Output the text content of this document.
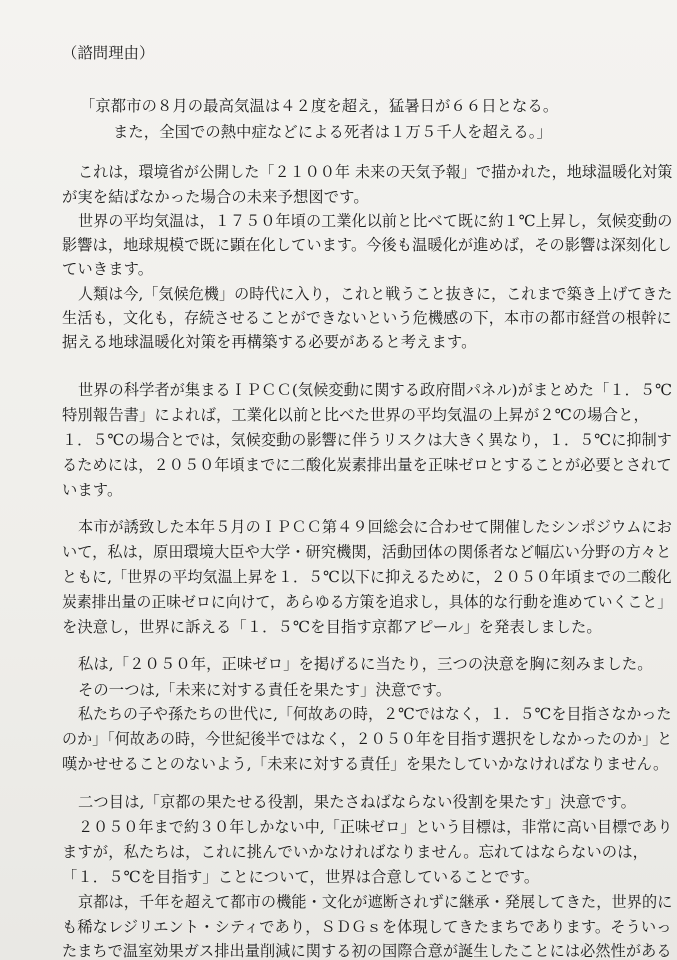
（諮問理由）
「京都市の８月の最高気温は４２度を超え，猛暑日が６６日となる。
また，全国での熱中症などによる死者は１万５千人を超える。」
これは，環境省が公開した「２１００年 未来の天気予報」で描かれた，地球温暖化対策
が実を結ばなかった場合の未来予想図です。
世界の平均気温は，１７５０年頃の工業化以前と比べて既に約１℃上昇し，気候変動の
影響は，地球規模で既に顕在化しています。今後も温暖化が進めば，その影響は深刻化し
ていきます。
人類は今,「気候危機」の時代に入り，これと戦うこと抜きに，これまで築き上げてきた
生活も，文化も，存続させることができないという危機感の下，本市の都市経営の根幹に
据える地球温暖化対策を再構築する必要があると考えます。
世界の科学者が集まるＩＰＣＣ(気候変動に関する政府間パネル)がまとめた「１．５℃
特別報告書」によれば，工業化以前と比べた世界の平均気温の上昇が２℃の場合と，
１．５℃の場合とでは，気候変動の影響に伴うリスクは大きく異なり，１．５℃に抑制す
るためには，２０５０年頃までに二酸化炭素排出量を正味ゼロとすることが必要とされて
います。
本市が誘致した本年５月のＩＰＣＣ第４９回総会に合わせて開催したシンポジウムにお
いて，私は，原田環境大臣や大学・研究機関，活動団体の関係者など幅広い分野の方々と
ともに,「世界の平均気温上昇を１．５℃以下に抑えるために，２０５０年頃までの二酸化
炭素排出量の正味ゼロに向けて，あらゆる方策を追求し，具体的な行動を進めていくこと」
を決意し，世界に訴える「１．５℃を目指す京都アピール」を発表しました。
私は,「２０５０年，正味ゼロ」を掲げるに当たり，三つの決意を胸に刻みました。
その一つは,「未来に対する責任を果たす」決意です。
私たちの子や孫たちの世代に,「何故あの時，２℃ではなく，１．５℃を目指さなかった
のか」「何故あの時，今世紀後半ではなく，２０５０年を目指す選択をしなかったのか」と
嘆かせせることのないよう,「未来に対する責任」を果たしていかなければなりません。
二つ目は,「京都の果たせる役割，果たさねばならない役割を果たす」決意です。
２０５０年まで約３０年しかない中,「正味ゼロ」という目標は，非常に高い目標であり
ますが，私たちは，これに挑んでいかなければなりません。忘れてはならないのは，
「１．５℃を目指す」ことについて，世界は合意していることです。
京都は，千年を超えて都市の機能・文化が遮断されずに継承・発展してきた，世界的に
も稀なレジリエント・シティであり，ＳＤＧｓを体現してきたまちであります。そういっ
たまちで温室効果ガス排出量削減に関する初の国際合意が誕生したことには必然性がある
